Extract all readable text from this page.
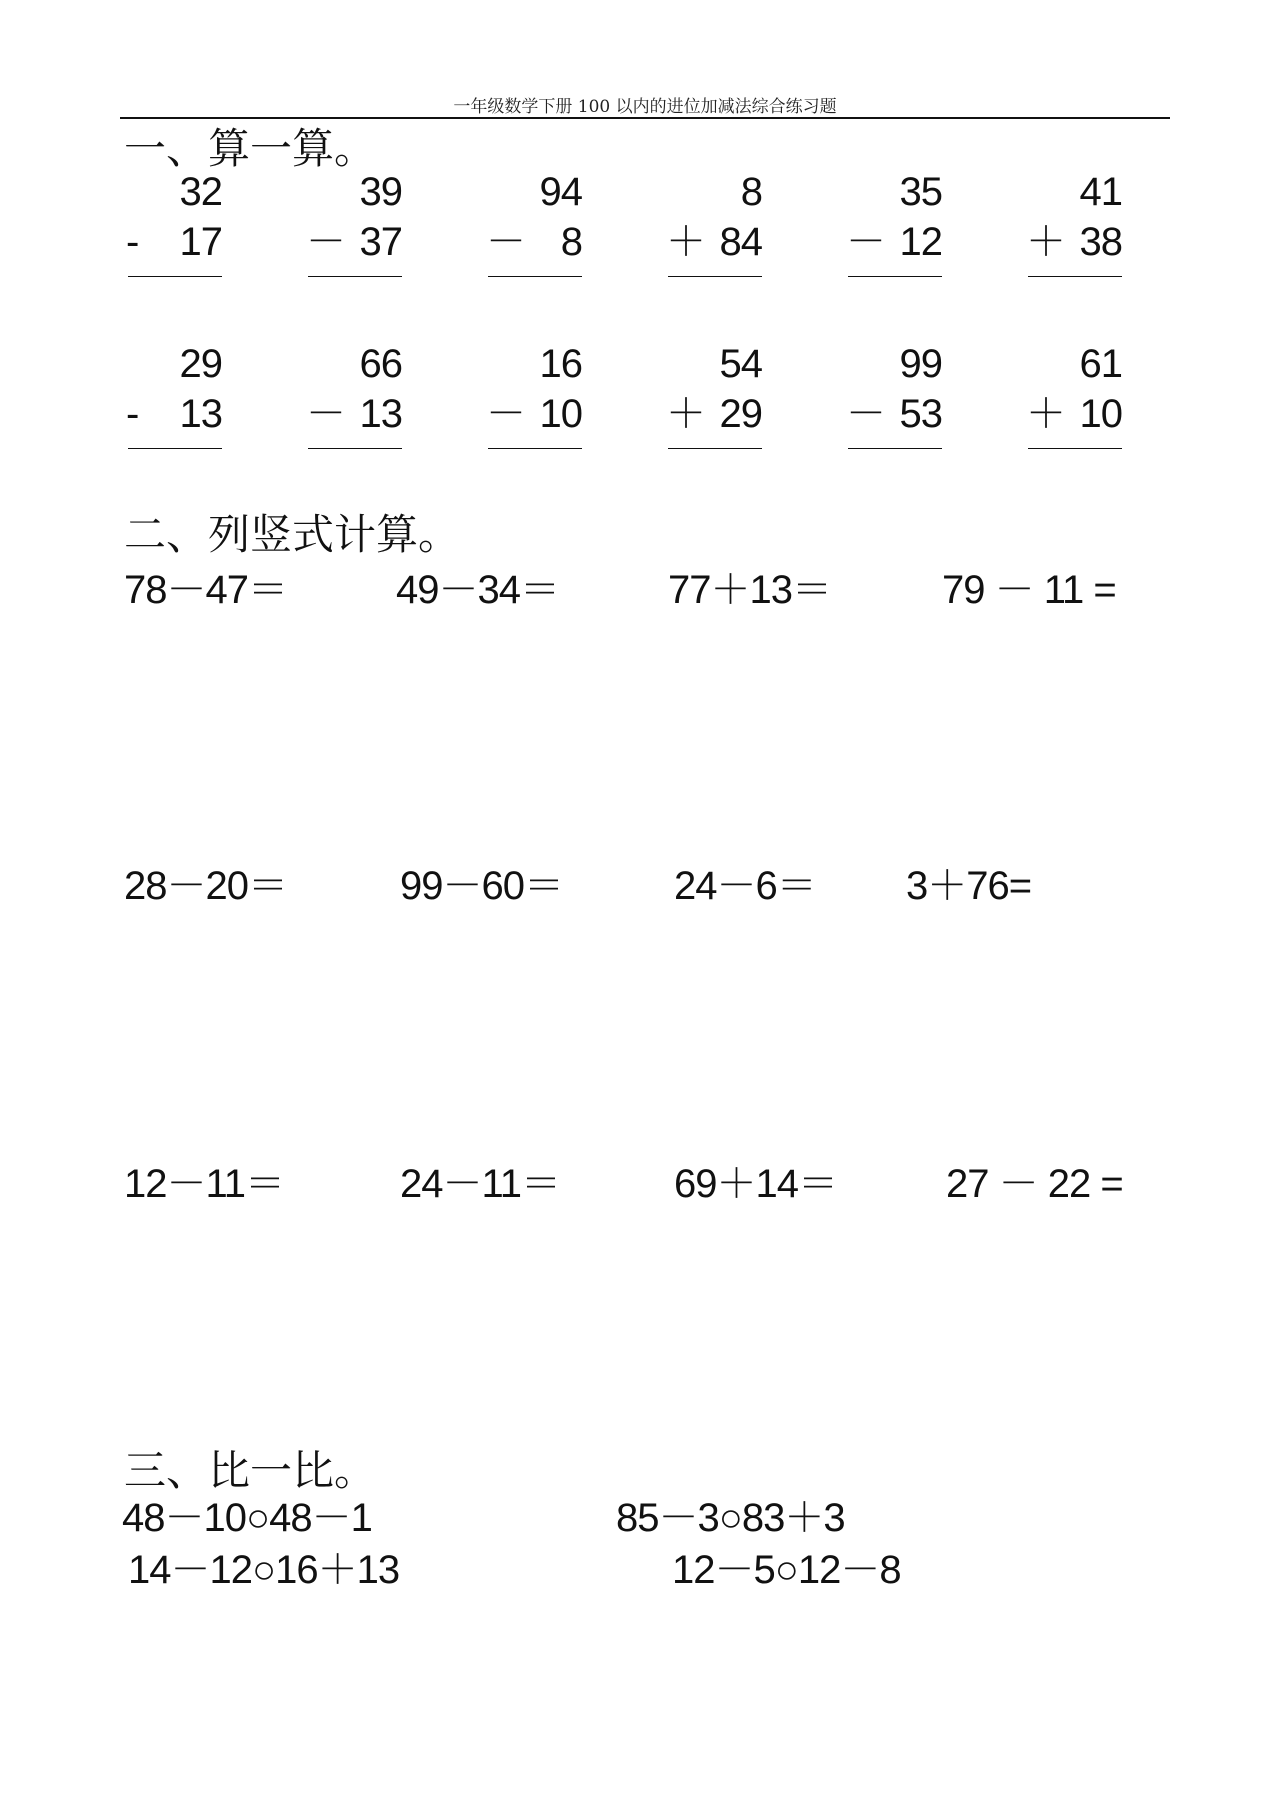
一年级数学下册 100 以内的进位加减法综合练习题
一、算一算。
32
- 17
39
－ 37
94
－ 8
8
＋ 84
35
－ 12
41
＋ 38
29
- 13
66
－ 13
16
－ 10
54
＋ 29
99
－ 53
61
＋ 10
二、列竖式计算。
78－47＝	49－34＝	77＋13＝	79 － 11 =
28－20＝	99－60＝	24－6＝ 3＋76=
12－11＝	24－11＝	69＋14＝	27 － 22 =
三、比一比。
48－10○48－1	85－3○83＋3
14－12○16＋13	12－5○12－8
